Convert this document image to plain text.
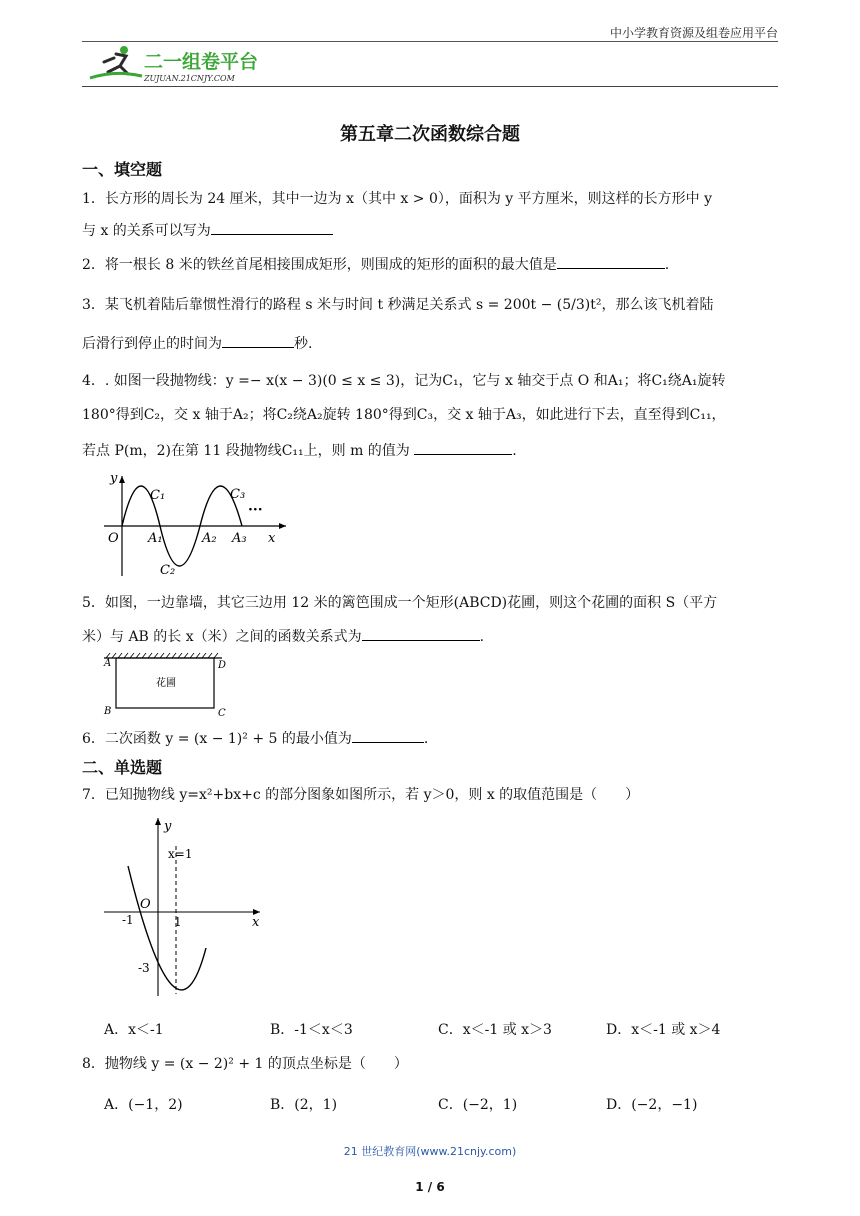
中小学教育资源及组卷应用平台
二一组卷平台
ZUJUAN.21CNJY.COM
第五章二次函数综合题
一、填空题
1．长方形的周长为 24 厘米，其中一边为 x（其中 x > 0），面积为 y 平方厘米，则这样的长方形中 y
与 x 的关系可以写为
2．将一根长 8 米的铁丝首尾相接围成矩形，则围成的矩形的面积的最大值是	.
3．某飞机着陆后靠惯性滑行的路程 s 米与时间 t 秒满足关系式 s = 200t − (5/3)t²，那么该飞机着陆
后滑行到停止的时间为	秒.
4．. 如图一段抛物线：y =− x(x − 3)(0 ≤ x ≤ 3)，记为C₁，它与 x 轴交于点 O 和A₁；将C₁绕A₁旋转
180°得到C₂，交 x 轴于A₂；将C₂绕A₂旋转 180°得到C₃，交 x 轴于A₃，如此进行下去，直至得到C₁₁，
若点 P(m，2)在第 11 段抛物线C₁₁上，则 m 的值为	.
y
x
O
C₁
C₂
C₃
A₁	A₂ A₃
···
5．如图，一边靠墙，其它三边用 12 米的篱笆围成一个矩形(ABCD)花圃，则这个花圃的面积 S（平方
米）与 AB 的长 x（米）之间的函数关系式为	.
A	D
B	C
花圃
6．二次函数 y = (x − 1)² + 5 的最小值为	.
二、单选题
7．已知抛物线 y=x²+bx+c 的部分图象如图所示，若 y＞0，则 x 的取值范围是（　　）
y
x
O
x=1
-1	1
-3
A．x＜-1	B．-1＜x＜3	C．x＜-1 或 x＞3	D．x＜-1 或 x＞4
8．抛物线 y = (x − 2)² + 1 的顶点坐标是（　　）
A．(−1，2)	B．(2，1)	C．(−2，1)	D．(−2，−1)
21 世纪教育网(www.21cnjy.com)
1 / 6
